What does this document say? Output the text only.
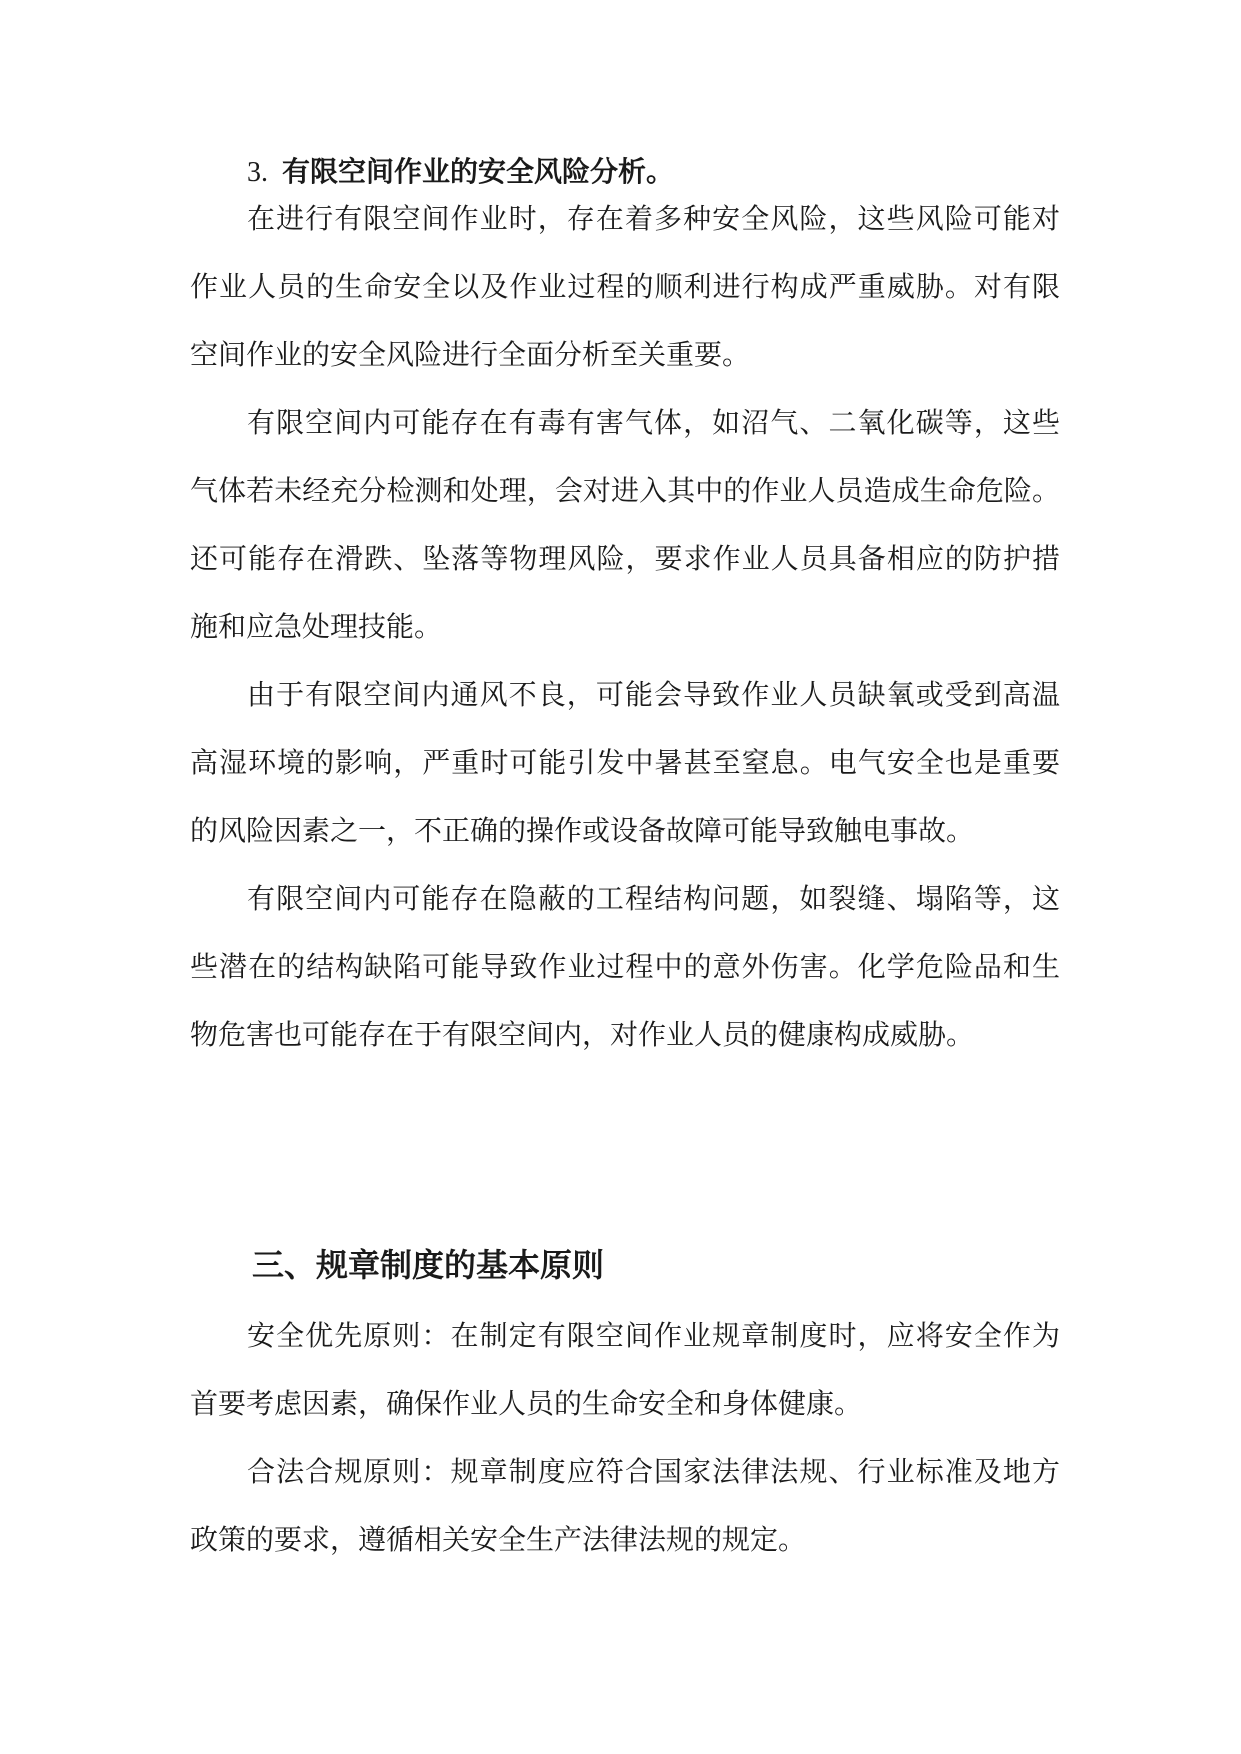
3. 有限空间作业的安全风险分析。
在进行有限空间作业时，存在着多种安全风险，这些风险可能对
作业人员的生命安全以及作业过程的顺利进行构成严重威胁。对有限
空间作业的安全风险进行全面分析至关重要。
有限空间内可能存在有毒有害气体，如沼气、二氧化碳等，这些
气体若未经充分检测和处理，会对进入其中的作业人员造成生命危险。
还可能存在滑跌、坠落等物理风险，要求作业人员具备相应的防护措
施和应急处理技能。
由于有限空间内通风不良，可能会导致作业人员缺氧或受到高温
高湿环境的影响，严重时可能引发中暑甚至窒息。电气安全也是重要
的风险因素之一，不正确的操作或设备故障可能导致触电事故。
有限空间内可能存在隐蔽的工程结构问题，如裂缝、塌陷等，这
些潜在的结构缺陷可能导致作业过程中的意外伤害。化学危险品和生
物危害也可能存在于有限空间内，对作业人员的健康构成威胁。
三、规章制度的基本原则
安全优先原则：在制定有限空间作业规章制度时，应将安全作为
首要考虑因素，确保作业人员的生命安全和身体健康。
合法合规原则：规章制度应符合国家法律法规、行业标准及地方
政策的要求，遵循相关安全生产法律法规的规定。
